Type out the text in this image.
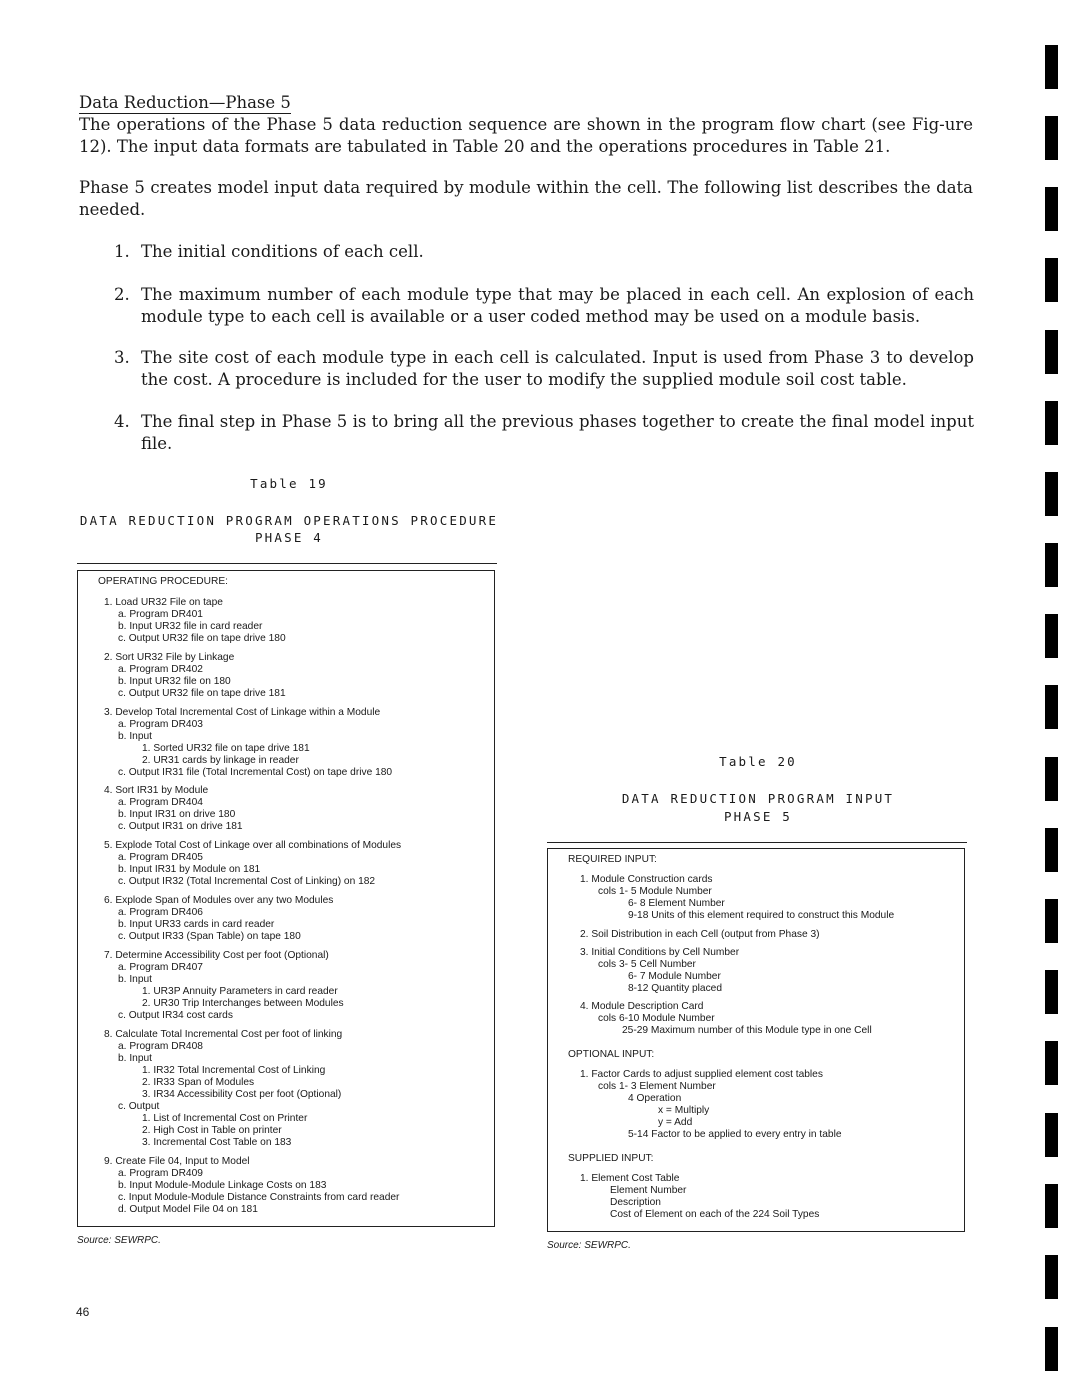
Data Reduction—Phase 5

The operations of the Phase 5 data reduction sequence are shown in the program flow chart (see Fig-ure 12). The input data formats are tabulated in Table 20 and the operations procedures in Table 21.

Phase 5 creates model input data required by module within the cell. The following list describes the data needed.

1. The initial conditions of each cell.
2. The maximum number of each module type that may be placed in each cell. An explosion of each module type to each cell is available or a user coded method may be used on a module basis.
3. The site cost of each module type in each cell is calculated. Input is used from Phase 3 to develop the cost. A procedure is included for the user to modify the supplied module soil cost table.
4. The final step in Phase 5 is to bring all the previous phases together to create the final model input file.
Table 19
DATA REDUCTION PROGRAM OPERATIONS PROCEDURE
PHASE 4
OPERATING PROCEDURE:
1. Load UR32 File on tape
a. Program DR401
b. Input UR32 file in card reader
c. Output UR32 file on tape drive 180
2. Sort UR32 File by Linkage
a. Program DR402
b. Input UR32 file on 180
c. Output UR32 file on tape drive 181
3. Develop Total Incremental Cost of Linkage within a Module
a. Program DR403
b. Input
1. Sorted UR32 file on tape drive 181
2. UR31 cards by linkage in reader
c. Output IR31 file (Total Incremental Cost) on tape drive 180
4. Sort IR31 by Module
a. Program DR404
b. Input IR31 on drive 180
c. Output IR31 on drive 181
5. Explode Total Cost of Linkage over all combinations of Modules
a. Program DR405
b. Input IR31 by Module on 181
c. Output IR32 (Total Incremental Cost of Linking) on 182
6. Explode Span of Modules over any two Modules
a. Program DR406
b. Input UR33 cards in card reader
c. Output IR33 (Span Table) on tape 180
7. Determine Accessibility Cost per foot (Optional)
a. Program DR407
b. Input
1. UR3P Annuity Parameters in card reader
2. UR30 Trip Interchanges between Modules
c. Output IR34 cost cards
8. Calculate Total Incremental Cost per foot of linking
a. Program DR408
b. Input
1. IR32 Total Incremental Cost of Linking
2. IR33 Span of Modules
3. IR34 Accessibility Cost per foot (Optional)
c. Output
1. List of Incremental Cost on Printer
2. High Cost in Table on printer
3. Incremental Cost Table on 183
9. Create File 04, Input to Model
a. Program DR409
b. Input Module-Module Linkage Costs on 183
c. Input Module-Module Distance Constraints from card reader
d. Output Model File 04 on 181
Source: SEWRPC.
Table 20
DATA REDUCTION PROGRAM INPUT
PHASE 5
REQUIRED INPUT:
1. Module Construction cards
cols 1- 5 Module Number
6- 8 Element Number
9-18 Units of this element required to construct this Module
2. Soil Distribution in each Cell (output from Phase 3)
3. Initial Conditions by Cell Number
cols 3- 5 Cell Number
6- 7 Module Number
8-12 Quantity placed
4. Module Description Card
cols 6-10 Module Number
25-29 Maximum number of this Module type in one Cell
OPTIONAL INPUT:
1. Factor Cards to adjust supplied element cost tables
cols 1- 3 Element Number
4 Operation
x = Multiply
y = Add
5-14 Factor to be applied to every entry in table
SUPPLIED INPUT:
1. Element Cost Table
Element Number
Description
Cost of Element on each of the 224 Soil Types
Source: SEWRPC.
46
